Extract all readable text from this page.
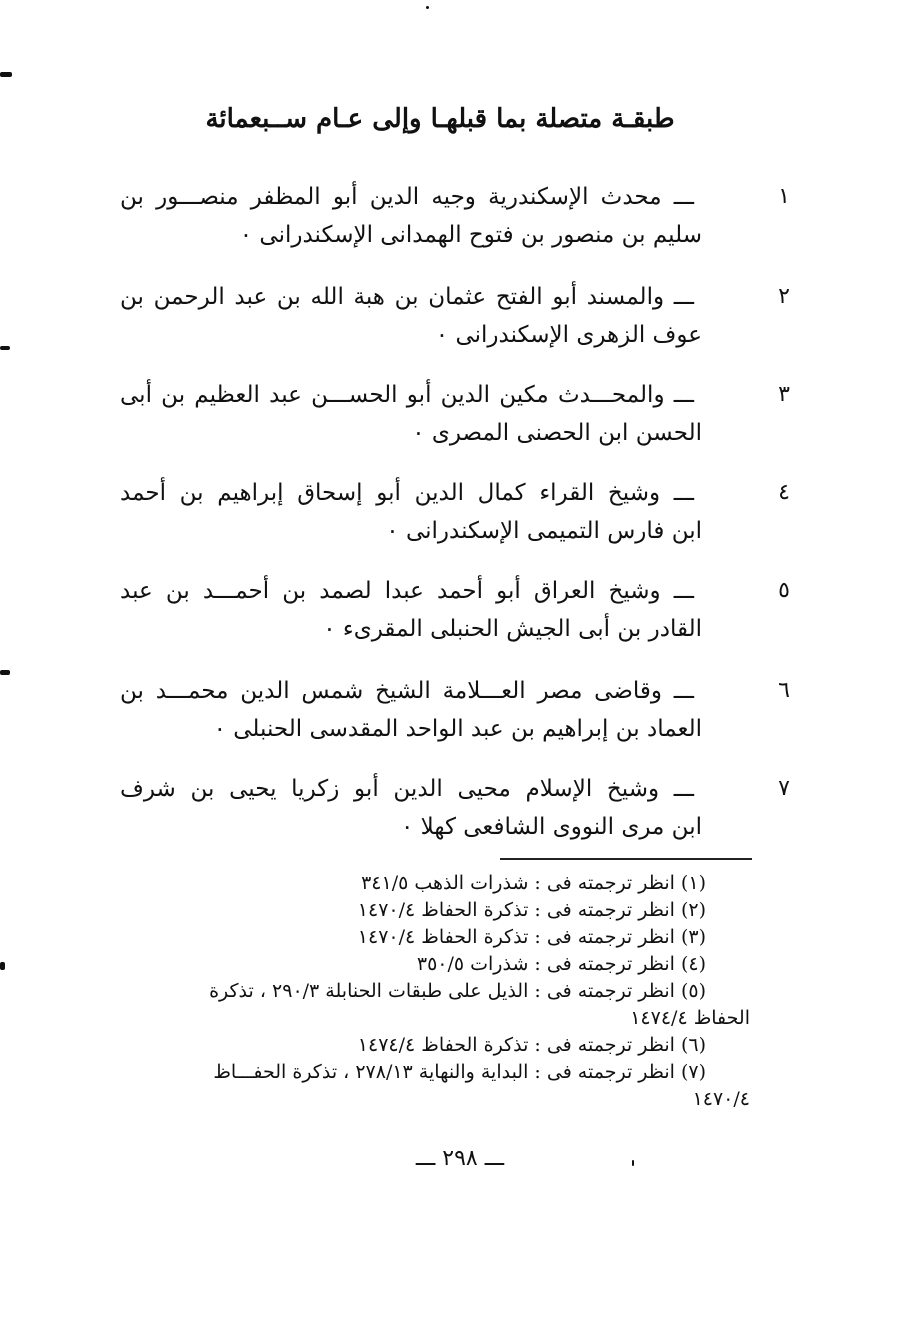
طبقـة متصلة بما قبلهـا وإلى عـام ســبعمائة
١
ـــ محدث الإسكندرية وجيه الدين أبو المظفر منصـــور بن
سليم بن منصور بن فتوح الهمدانى الإسكندرانى ٠
٢
ـــ والمسند أبو الفتح عثمان بن هبة الله بن عبد الرحمن بن
عوف الزهرى الإسكندرانى ٠
٣
ـــ والمحـــدث مكين الدين أبو الحســـن عبد العظيم بن أبى
الحسن ابن الحصنى المصرى ٠
٤
ـــ وشيخ القراء كمال الدين أبو إسحاق إبراهيم بن أحمد
ابن فارس التميمى الإسكندرانى ٠
٥
ـــ وشيخ العراق أبو أحمد عبدا لصمد بن أحمـــد بن عبد
القادر بن أبى الجيش الحنبلى المقرىء ٠
٦
ـــ وقاضى مصر العـــلامة الشيخ شمس الدين محمـــد بن
العماد بن إبراهيم بن عبد الواحد المقدسى الحنبلى ٠
٧
ـــ وشيخ الإسلام محيى الدين أبو زكريا يحيى بن شرف
ابن مرى النووى الشافعى كهلا ٠
(١) انظر ترجمته فى : شذرات الذهب ٣٤١/٥
(٢) انظر ترجمته فى : تذكرة الحفاظ ١٤٧٠/٤
(٣) انظر ترجمته فى : تذكرة الحفاظ ١٤٧٠/٤
(٤) انظر ترجمته فى : شذرات ٣٥٠/٥
(٥) انظر ترجمته فى : الذيل على طبقات الحنابلة ٢٩٠/٣ ، تذكرة
الحفاظ ١٤٧٤/٤
(٦) انظر ترجمته فى : تذكرة الحفاظ ١٤٧٤/٤
(٧) انظر ترجمته فى : البداية والنهاية ٢٧٨/١٣ ، تذكرة الحفـــاظ
١٤٧٠/٤
ـــ ٢٩٨ ـــ
